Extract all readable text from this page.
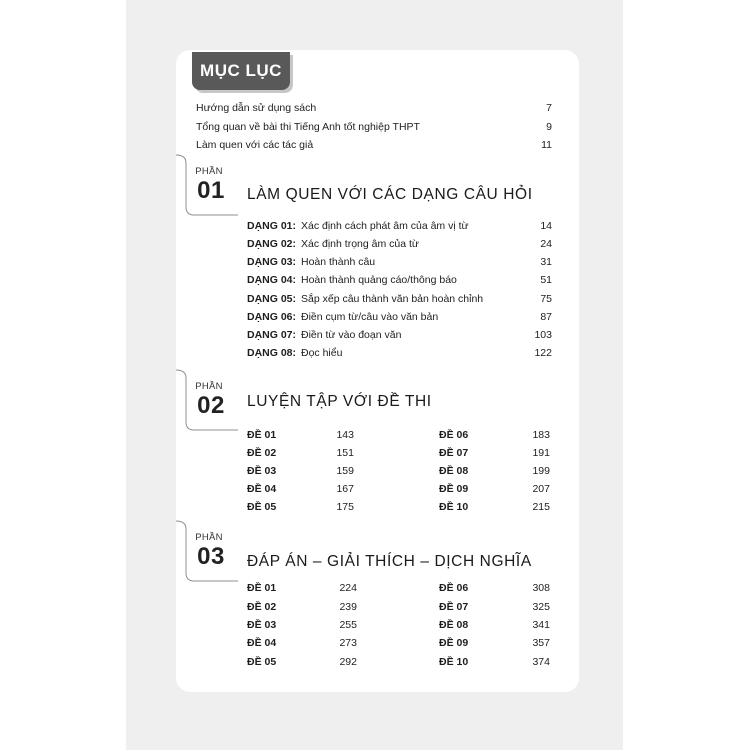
MỤC LỤC
Hướng dẫn sử dụng sách	7
Tổng quan về bài thi Tiếng Anh tốt nghiệp THPT	9
Làm quen với các tác giả	11
PHẦN
01	LÀM QUEN VỚI CÁC DẠNG CÂU HỎI
DẠNG 01: Xác định cách phát âm của âm vị từ	14
DẠNG 02: Xác định trọng âm của từ	24
DẠNG 03: Hoàn thành câu	31
DẠNG 04: Hoàn thành quảng cáo/thông báo	51
DẠNG 05: Sắp xếp câu thành văn bản hoàn chỉnh	75
DẠNG 06: Điền cụm từ/câu vào văn bản	87
DẠNG 07: Điền từ vào đoạn văn	103
DẠNG 08: Đọc hiểu	122
PHẦN
02	LUYỆN TẬP VỚI ĐỀ THI
ĐỀ 01	143	ĐỀ 06	183
ĐỀ 02	151	ĐỀ 07	191
ĐỀ 03	159	ĐỀ 08	199
ĐỀ 04	167	ĐỀ 09	207
ĐỀ 05	175	ĐỀ 10	215
PHẦN
03	ĐÁP ÁN – GIẢI THÍCH – DỊCH NGHĨA
ĐỀ 01	224	ĐỀ 06	308
ĐỀ 02	239	ĐỀ 07	325
ĐỀ 03	255	ĐỀ 08	341
ĐỀ 04	273	ĐỀ 09	357
ĐỀ 05	292	ĐỀ 10	374
